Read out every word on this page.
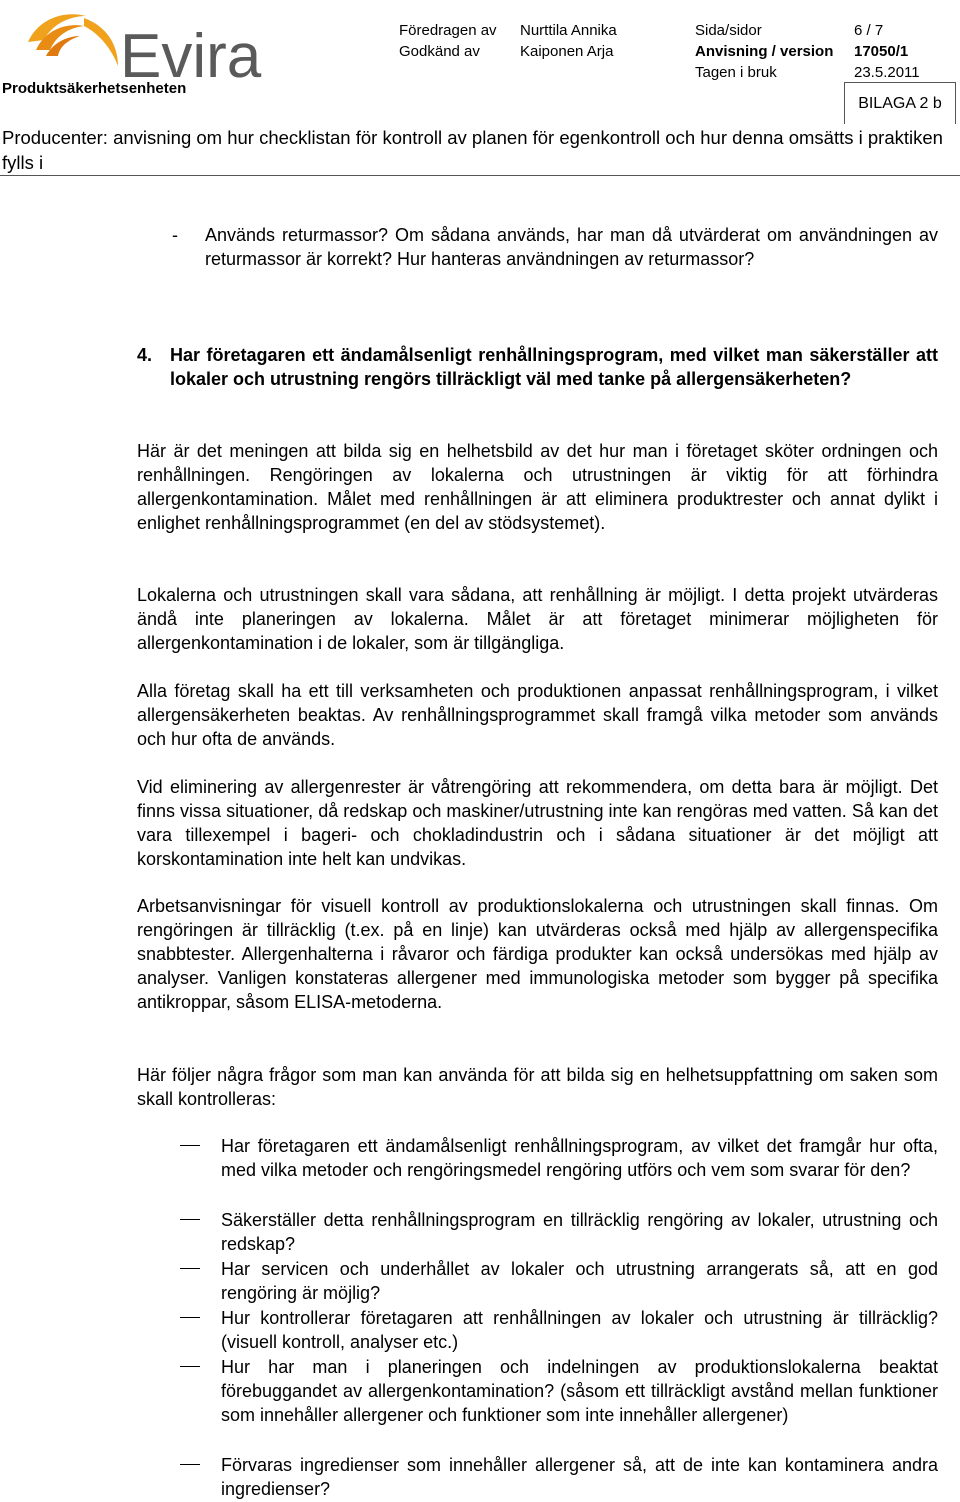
Evira	Föredragen av Nurttila Annika	Sida/sidor	6 / 7
Godkänd av	Kaiponen Arja	Anvisning / version 17050/1
Tagen i bruk	23.5.2011
Produktsäkerhetsenheten
BILAGA 2 b
Producenter: anvisning om hur checklistan för kontroll av planen för egenkontroll och hur denna omsätts i praktiken fylls i
- Används returmassor? Om sådana används, har man då utvärderat om användningen av returmassor är korrekt? Hur hanteras användningen av returmassor?
4. Har företagaren ett ändamålsenligt renhållningsprogram, med vilket man säkerställer att lokaler och utrustning rengörs tillräckligt väl med tanke på allergensäkerheten?
Här är det meningen att bilda sig en helhetsbild av det hur man i företaget sköter ordningen och renhållningen. Rengöringen av lokalerna och utrustningen är viktig för att förhindra allergenkontamination. Målet med renhållningen är att eliminera produktrester och annat dylikt i enlighet renhållningsprogrammet (en del av stödsystemet).
Lokalerna och utrustningen skall vara sådana, att renhållning är möjligt. I detta projekt utvärderas ändå inte planeringen av lokalerna. Målet är att företaget minimerar möjligheten för allergenkontamination i de lokaler, som är tillgängliga.
Alla företag skall ha ett till verksamheten och produktionen anpassat renhållningsprogram, i vilket allergensäkerheten beaktas. Av renhållningsprogrammet skall framgå vilka metoder som används och hur ofta de används.
Vid eliminering av allergenrester är våtrengöring att rekommendera, om detta bara är möjligt. Det finns vissa situationer, då redskap och maskiner/utrustning inte kan rengöras med vatten. Så kan det vara tillexempel i bageri- och chokladindustrin och i sådana situationer är det möjligt att korskontamination inte helt kan undvikas.
Arbetsanvisningar för visuell kontroll av produktionslokalerna och utrustningen skall finnas. Om rengöringen är tillräcklig (t.ex. på en linje) kan utvärderas också med hjälp av allergenspecifika snabbtester. Allergenhalterna i råvaror och färdiga produkter kan också undersökas med hjälp av analyser. Vanligen konstateras allergener med immunologiska metoder som bygger på specifika antikroppar, såsom ELISA-metoderna.
Här följer några frågor som man kan använda för att bilda sig en helhetsuppfattning om saken som skall kontrolleras:
Har företagaren ett ändamålsenligt renhållningsprogram, av vilket det framgår hur ofta, med vilka metoder och rengöringsmedel rengöring utförs och vem som svarar för den?
Säkerställer detta renhållningsprogram en tillräcklig rengöring av lokaler, utrustning och redskap?
Har servicen och underhållet av lokaler och utrustning arrangerats så, att en god rengöring är möjlig?
Hur kontrollerar företagaren att renhållningen av lokaler och utrustning är tillräcklig? (visuell kontroll, analyser etc.)
Hur har man i planeringen och indelningen av produktionslokalerna beaktat förebuggandet av allergenkontamination? (såsom ett tillräckligt avstånd mellan funktioner som innehåller allergener och funktioner som inte innehåller allergener)
Förvaras ingredienser som innehåller allergener så, att de inte kan kontaminera andra ingredienser?
